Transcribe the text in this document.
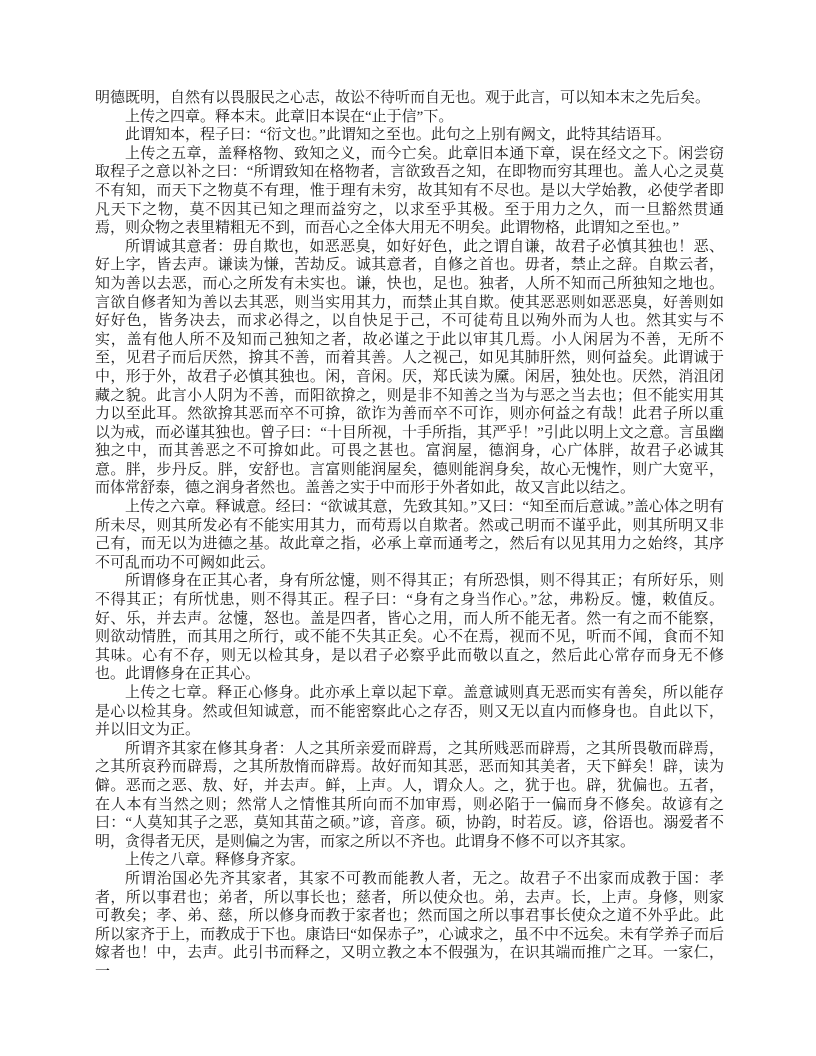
明德既明，自然有以畏服民之心志，故讼不待听而自无也。观于此言，可以知本末之先后矣。

上传之四章。释本末。此章旧本误在“止于信”下。

此谓知本，程子曰：“衍文也。”此谓知之至也。此句之上别有阙文，此特其结语耳。

上传之五章，盖释格物、致知之义，而今亡矣。此章旧本通下章，误在经文之下。闲尝窃取程子之意以补之曰：“所谓致知在格物者，言欲致吾之知，在即物而穷其理也。盖人心之灵莫不有知，而天下之物莫不有理，惟于理有未穷，故其知有不尽也。是以大学始教，必使学者即凡天下之物，莫不因其已知之理而益穷之，以求至乎其极。至于用力之久，而一旦豁然贯通焉，则众物之表里精粗无不到，而吾心之全体大用无不明矣。此谓物格，此谓知之至也。”

所谓诚其意者：毋自欺也，如恶恶臭，如好好色，此之谓自谦，故君子必慎其独也！恶、好上字，皆去声。谦读为慊，苦劫反。诚其意者，自修之首也。毋者，禁止之辞。自欺云者，知为善以去恶，而心之所发有未实也。谦，快也，足也。独者，人所不知而己所独知之地也。言欲自修者知为善以去其恶，则当实用其力，而禁止其自欺。使其恶恶则如恶恶臭，好善则如好好色，皆务决去，而求必得之，以自快足于己，不可徒苟且以殉外而为人也。然其实与不实，盖有他人所不及知而己独知之者，故必谨之于此以审其几焉。小人闲居为不善，无所不至，见君子而后厌然，揜其不善，而着其善。人之视己，如见其肺肝然，则何益矣。此谓诚于中，形于外，故君子必慎其独也。闲，音闲。厌，郑氏读为黡。闲居，独处也。厌然，消沮闭藏之貌。此言小人阴为不善，而阳欲揜之，则是非不知善之当为与恶之当去也；但不能实用其力以至此耳。然欲揜其恶而卒不可揜，欲诈为善而卒不可诈，则亦何益之有哉！此君子所以重以为戒，而必谨其独也。曾子曰：“十目所视，十手所指，其严乎！”引此以明上文之意。言虽幽独之中，而其善恶之不可揜如此。可畏之甚也。富润屋，德润身，心广体胖，故君子必诚其意。胖，步丹反。胖，安舒也。言富则能润屋矣，德则能润身矣，故心无愧怍，则广大宽平，而体常舒泰，德之润身者然也。盖善之实于中而形于外者如此，故又言此以结之。

上传之六章。释诚意。经曰：“欲诚其意，先致其知。”又曰：“知至而后意诚。”盖心体之明有所未尽，则其所发必有不能实用其力，而苟焉以自欺者。然或己明而不谨乎此，则其所明又非己有，而无以为进德之基。故此章之指，必承上章而通考之，然后有以见其用力之始终，其序不可乱而功不可阙如此云。

所谓修身在正其心者，身有所忿懥，则不得其正；有所恐惧，则不得其正；有所好乐，则不得其正；有所忧患，则不得其正。程子曰：“身有之身当作心。”忿，弗粉反。懥，敕值反。好、乐，并去声。忿懥，怒也。盖是四者，皆心之用，而人所不能无者。然一有之而不能察，则欲动情胜，而其用之所行，或不能不失其正矣。心不在焉，视而不见，听而不闻，食而不知其味。心有不存，则无以检其身，是以君子必察乎此而敬以直之，然后此心常存而身无不修也。此谓修身在正其心。

上传之七章。释正心修身。此亦承上章以起下章。盖意诚则真无恶而实有善矣，所以能存是心以检其身。然或但知诚意，而不能密察此心之存否，则又无以直内而修身也。自此以下，并以旧文为正。

所谓齐其家在修其身者：人之其所亲爱而辟焉，之其所贱恶而辟焉，之其所畏敬而辟焉，之其所哀矜而辟焉，之其所敖惰而辟焉。故好而知其恶，恶而知其美者，天下鲜矣！辟，读为僻。恶而之恶、敖、好，并去声。鲜，上声。人，谓众人。之，犹于也。辟，犹偏也。五者，在人本有当然之则；然常人之情惟其所向而不加审焉，则必陷于一偏而身不修矣。故谚有之曰：“人莫知其子之恶，莫知其苗之硕。”谚，音彦。硕，协韵，时若反。谚，俗语也。溺爱者不明，贪得者无厌，是则偏之为害，而家之所以不齐也。此谓身不修不可以齐其家。

上传之八章。释修身齐家。

所谓治国必先齐其家者，其家不可教而能教人者，无之。故君子不出家而成教于国：孝者，所以事君也；弟者，所以事长也；慈者，所以使众也。弟，去声。长，上声。身修，则家可教矣；孝、弟、慈，所以修身而教于家者也；然而国之所以事君事长使众之道不外乎此。此所以家齐于上，而教成于下也。康诰曰“如保赤子”，心诚求之，虽不中不远矣。未有学养子而后嫁者也！中，去声。此引书而释之，又明立教之本不假强为，在识其端而推广之耳。一家仁，一
